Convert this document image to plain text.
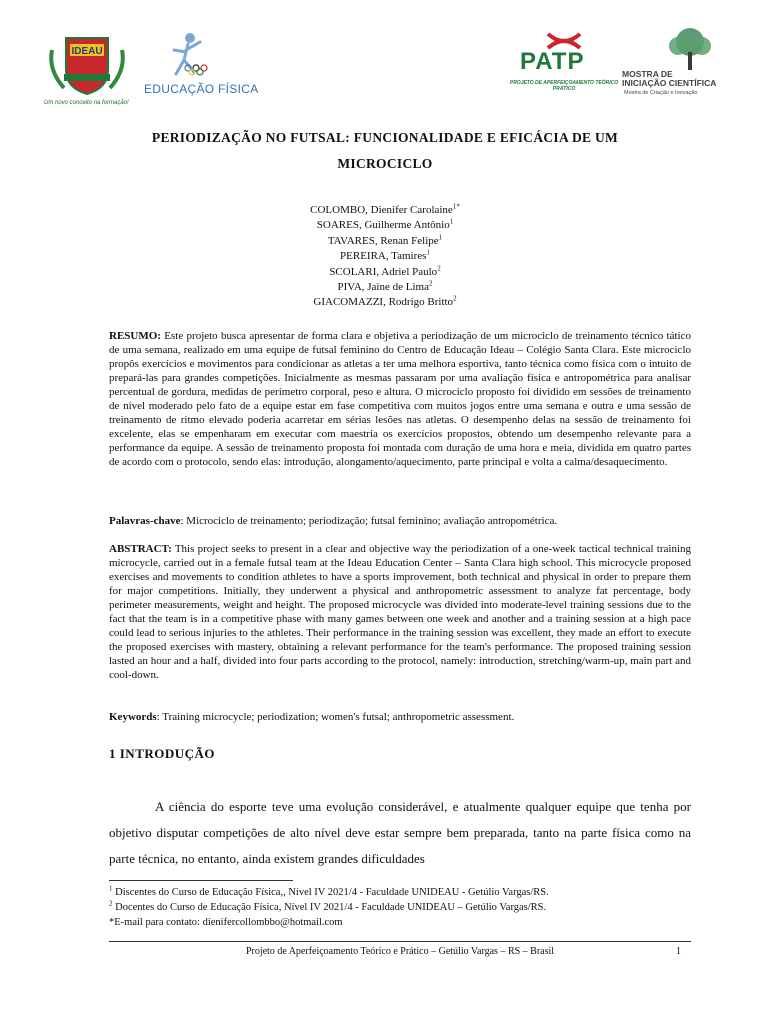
IDEAU
Um novo conceito na formação!
EDUCAÇÃO FÍSICA
PATP
PROJETO DE APERFEIÇOAMENTO TEÓRICO PRÁTICO
MOSTRA DE
INICIAÇÃO CIENTÍFICA
Mostra de Criação e Inovação
PERIODIZAÇÃO NO FUTSAL: FUNCIONALIDADE E EFICÁCIA DE UM
MICROCICLO
COLOMBO, Dienifer Carolaine$^{1*}$
SOARES, Guilherme Antônio$^1$
TAVARES, Renan Felipe$^1$
PEREIRA, Tamires$^1$
SCOLARI, Adriel Paulo$^2$
PIVA, Jaine de Lima$^2$
GIACOMAZZI, Rodrigo Britto$^2$

RESUMO: Este projeto busca apresentar de forma clara e objetiva a periodização de um microciclo de treinamento técnico tático de uma semana, realizado em uma equipe de futsal feminino do Centro de Educação Ideau – Colégio Santa Clara. Este microciclo propôs exercícios e movimentos para condicionar as atletas a ter uma melhora esportiva, tanto técnica como física com o intuito de prepará-las para grandes competições. Inicialmente as mesmas passaram por uma avaliação física e antropométrica para analisar percentual de gordura, medidas de perímetro corporal, peso e altura. O microciclo proposto foi dividido em sessões de treinamento de nível moderado pelo fato de a equipe estar em fase competitiva com muitos jogos entre uma semana e outra e uma sessão de treinamento de ritmo elevado poderia acarretar em sérias lesões nas atletas. O desempenho delas na sessão de treinamento foi excelente, elas se empenharam em executar com maestria os exercícios propostos, obtendo um desempenho relevante para a performance da equipe. A sessão de treinamento proposta foi montada com duração de uma hora e meia, dividida em quatro partes de acordo com o protocolo, sendo elas: introdução, alongamento/aquecimento, parte principal e volta a calma/desaquecimento.

Palavras-chave: Microciclo de treinamento; periodização; futsal feminino; avaliação antropométrica.

ABSTRACT: This project seeks to present in a clear and objective way the periodization of a one-week tactical technical training microcycle, carried out in a female futsal team at the Ideau Education Center – Santa Clara high school. This microcycle proposed exercises and movements to condition athletes to have a sports improvement, both technical and physical in order to prepare them for major competitions. Initially, they underwent a physical and anthropometric assessment to analyze fat percentage, body perimeter measurements, weight and height. The proposed microcycle was divided into moderate-level training sessions due to the fact that the team is in a competitive phase with many games between one week and another and a training session at a high pace could lead to serious injuries to the athletes. Their performance in the training session was excellent, they made an effort to execute the proposed exercises with mastery, obtaining a relevant performance for the team's performance. The proposed training session lasted an hour and a half, divided into four parts according to the protocol, namely: introduction, stretching/warm-up, main part and cool-down.

Keywords: Training microcycle; periodization; women's futsal; anthropometric assessment.

1 INTRODUÇÃO

A ciência do esporte teve uma evolução considerável, e atualmente qualquer equipe que tenha por objetivo disputar competições de alto nível deve estar sempre bem preparada, tanto na parte física como na parte técnica, no entanto, ainda existem grandes dificuldades

$^1$ Discentes do Curso de Educação Física,, Nível IV 2021/4 - Faculdade UNIDEAU - Getúlio Vargas/RS.
$^2$ Docentes do Curso de Educação Física, Nível IV 2021/4 - Faculdade UNIDEAU – Getúlio Vargas/RS.
*E-mail para contato: dienifercollombbo@hotmail.com
Projeto de Aperfeiçoamento Teórico e Prático – Getúlio Vargas – RS – Brasil	1
